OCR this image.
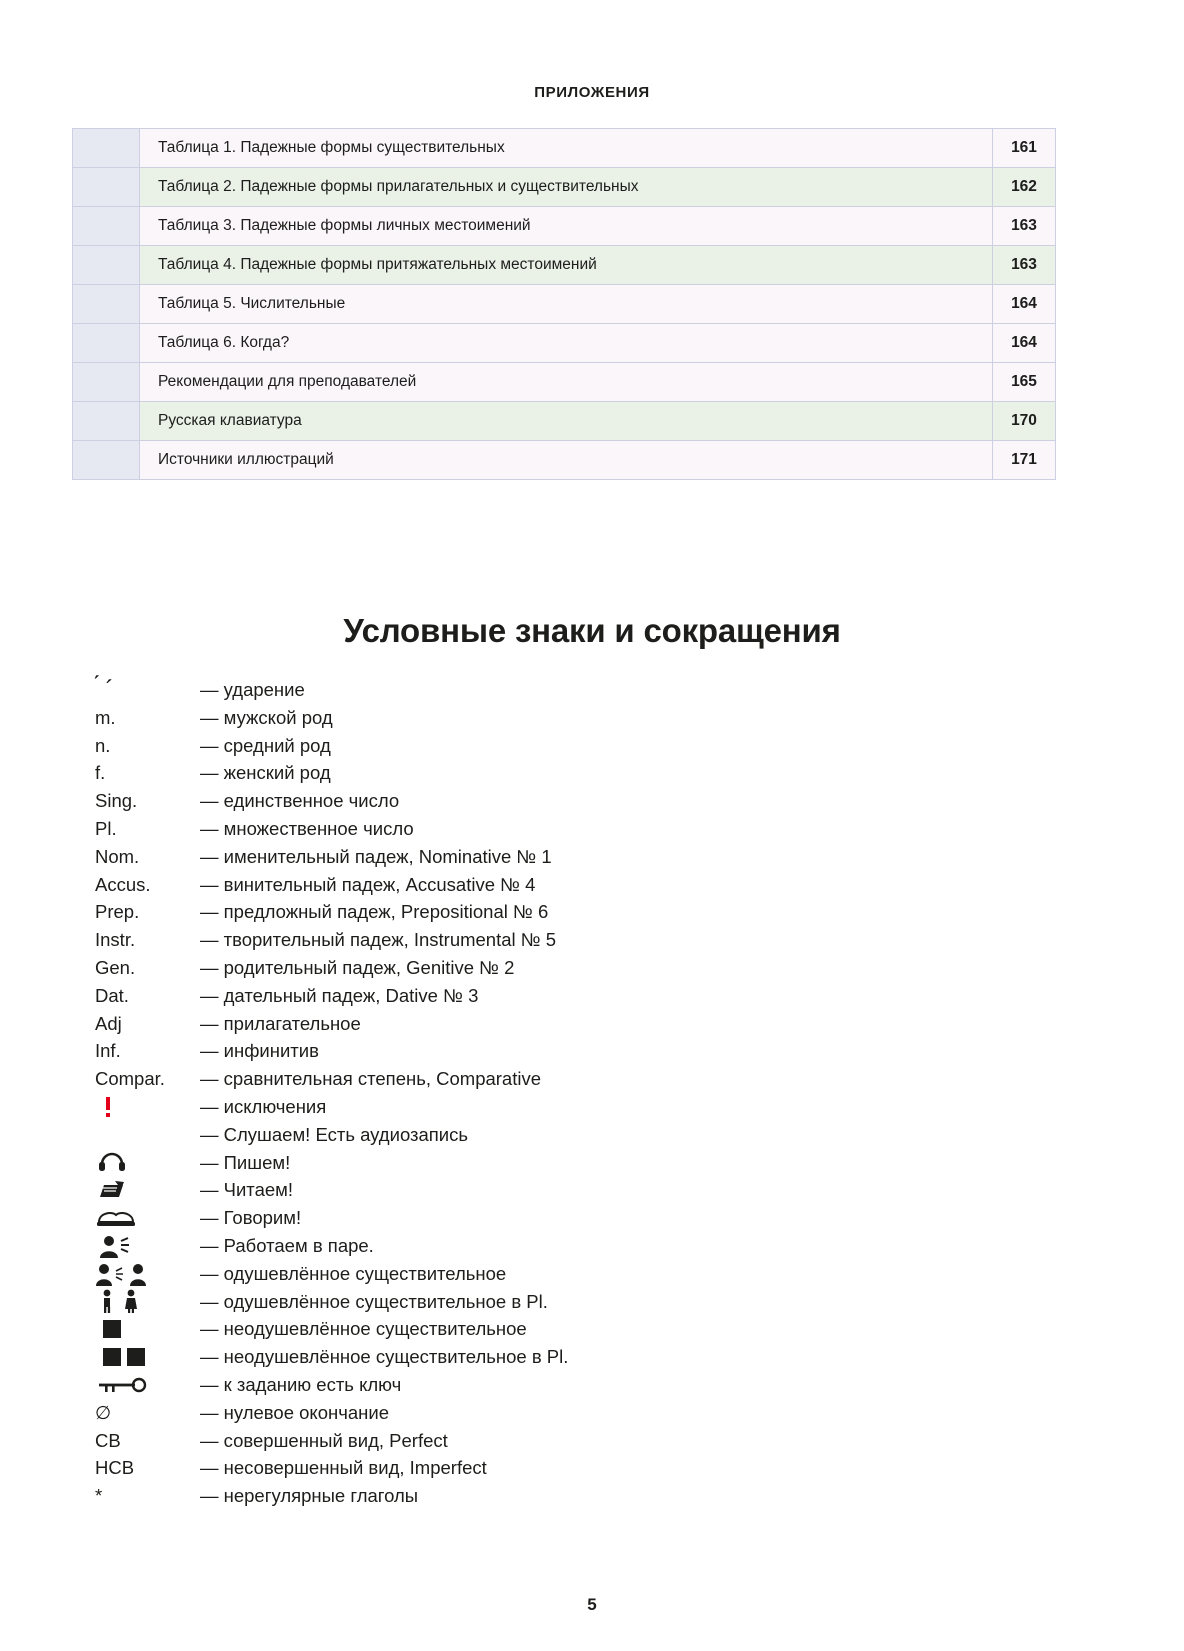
ПРИЛОЖЕНИЯ
	Таблица 1. Падежные формы существительных	161
	Таблица 2. Падежные формы прилагательных и существительных	162
	Таблица 3. Падежные формы личных местоимений	163
	Таблица 4. Падежные формы притяжательных местоимений	163
	Таблица 5. Числительные	164
	Таблица 6. Когда?	164
	Рекомендации для преподавателей	165
	Русская клавиатура	170
	Источники иллюстраций	171
Условные знаки и сокращения
́ ´	— ударение
m.	— мужской род
n.	— средний род
f.	— женский род
Sing.	— единственное число
Pl.	— множественное число
Nom.	— именительный падеж, Nominative № 1
Accus.	— винительный падеж, Accusative № 4
Prep.	— предложный падеж, Prepositional № 6
Instr.	— творительный падеж, Instrumental № 5
Gen.	— родительный падеж, Genitive № 2
Dat.	— дательный падеж, Dative № 3
Adj	— прилагательное
Inf.	— инфинитив
Compar.	— сравнительная степень, Comparative
— исключения
— Слушаем! Есть аудиозапись
— Пишем!
— Читаем!
— Говорим!
— Работаем в паре.
— одушевлённое существительное
— одушевлённое существительное в Pl.
— неодушевлённое существительное
— неодушевлённое существительное в Pl.
— к заданию есть ключ
∅	— нулевое окончание
СВ	— совершенный вид, Perfect
НСВ	— несовершенный вид, Imperfect
*	— нерегулярные глаголы
5
